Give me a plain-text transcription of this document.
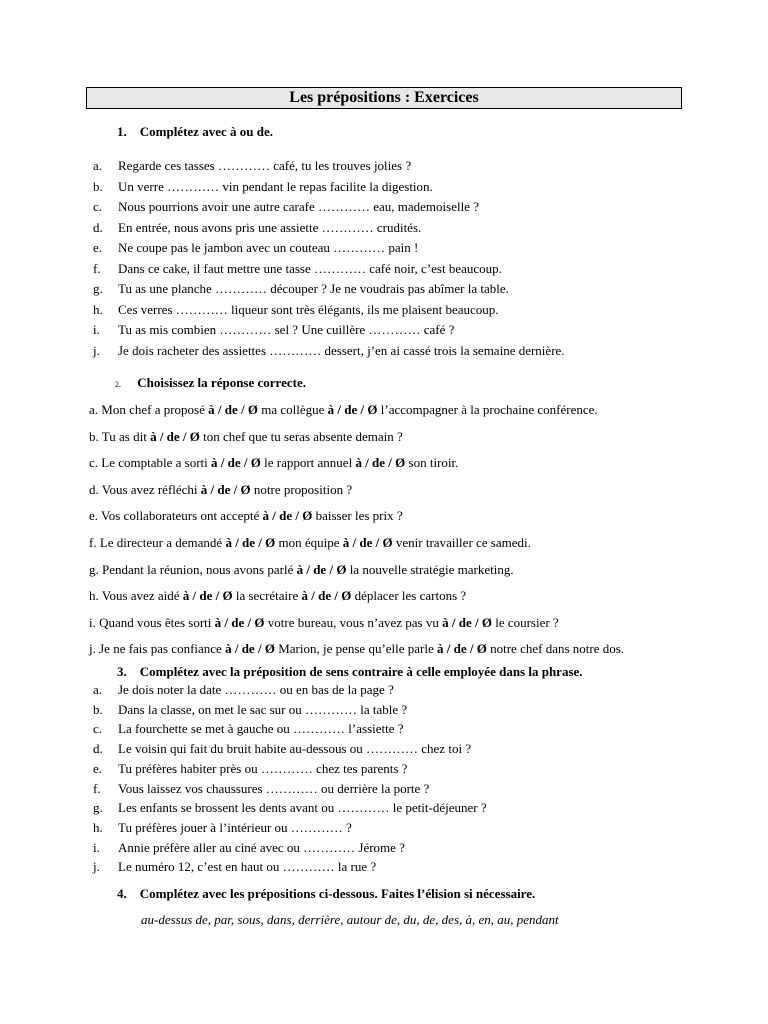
Les prépositions : Exercices
1. Complétez avec à ou de.
a. Regarde ces tasses ………… café, tu les trouves jolies ?
b. Un verre ………… vin pendant le repas facilite la digestion.
c. Nous pourrions avoir une autre carafe ………… eau, mademoiselle ?
d. En entrée, nous avons pris une assiette ………… crudités.
e. Ne coupe pas le jambon avec un couteau ………… pain !
f. Dans ce cake, il faut mettre une tasse ………… café noir, c’est beaucoup.
g. Tu as une planche ………… découper ? Je ne voudrais pas abîmer la table.
h. Ces verres ………… liqueur sont très élégants, ils me plaisent beaucoup.
i. Tu as mis combien ………… sel ? Une cuillère ………… café ?
j. Je dois racheter des assiettes ………… dessert, j’en ai cassé trois la semaine dernière.
2. Choisissez la réponse correcte.
a. Mon chef a proposé à / de / Ø ma collègue à / de / Ø l’accompagner à la prochaine conférence.
b. Tu as dit à / de / Ø ton chef que tu seras absente demain ?
c. Le comptable a sorti à / de / Ø le rapport annuel à / de / Ø son tiroir.
d. Vous avez réfléchi à / de / Ø notre proposition ?
e. Vos collaborateurs ont accepté à / de / Ø baisser les prix ?
f. Le directeur a demandé à / de / Ø mon équipe à / de / Ø venir travailler ce samedi.
g. Pendant la réunion, nous avons parlé à / de / Ø la nouvelle stratégie marketing.
h. Vous avez aidé à / de / Ø la secrétaire à / de / Ø déplacer les cartons ?
i. Quand vous êtes sorti à / de / Ø votre bureau, vous n’avez pas vu à / de / Ø le coursier ?
j. Je ne fais pas confiance à / de / Ø Marion, je pense qu’elle parle à / de / Ø notre chef dans notre dos.
3. Complétez avec la préposition de sens contraire à celle employée dans la phrase.
a. Je dois noter la date ………… ou en bas de la page ?
b. Dans la classe, on met le sac sur ou ………… la table ?
c. La fourchette se met à gauche ou ………… l’assiette ?
d. Le voisin qui fait du bruit habite au-dessous ou ………… chez toi ?
e. Tu préfères habiter près ou ………… chez tes parents ?
f. Vous laissez vos chaussures ………… ou derrière la porte ?
g. Les enfants se brossent les dents avant ou ………… le petit-déjeuner ?
h. Tu préfères jouer à l’intérieur ou ………… ?
i. Annie préfère aller au ciné avec ou ………… Jérome ?
j. Le numéro 12, c’est en haut ou ………… la rue ?
4. Complétez avec les prépositions ci-dessous. Faites l’élision si nécessaire.
au-dessus de, par, sous, dans, derrière, autour de, du, de, des, à, en, au, pendant
